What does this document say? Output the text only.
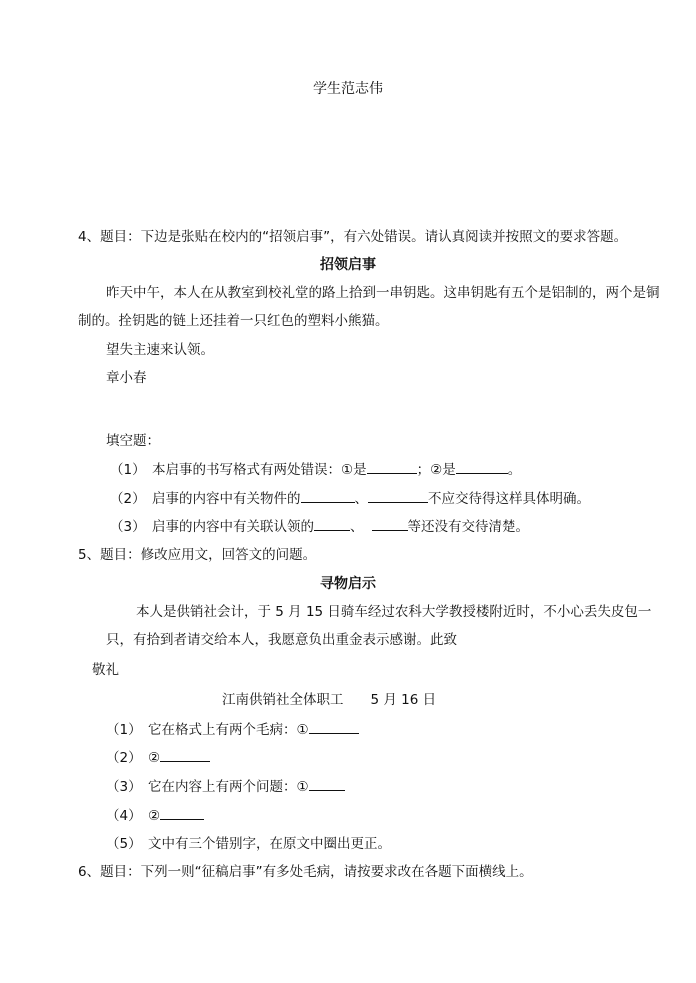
学生范志伟
4、题目：下边是张贴在校内的“招领启事”，有六处错误。请认真阅读并按照文的要求答题。
招领启事
昨天中午，本人在从教室到校礼堂的路上拾到一串钥匙。这串钥匙有五个是铝制的，两个是铜
制的。拴钥匙的链上还挂着一只红色的塑料小熊猫。
望失主速来认领。
章小春
填空题：
（1） 本启事的书写格式有两处错误：①是	；②是	。
（2） 启事的内容中有关物件的	、	不应交待得这样具体明确。
（3） 启事的内容中有关联认领的	、	等还没有交待清楚。
5、题目：修改应用文，回答文的问题。
寻物启示
本人是供销社会计，于 5 月 15 日骑车经过农科大学教授楼附近时，不小心丢失皮包一
只，有拾到者请交给本人，我愿意负出重金表示感谢。此致
敬礼
江南供销社全体职工　　5 月 16 日
（1） 它在格式上有两个毛病：①
（2） ②
（3） 它在内容上有两个问题：①
（4） ②
（5） 文中有三个错别字，在原文中圈出更正。
6、题目：下列一则“征稿启事”有多处毛病，请按要求改在各题下面横线上。
